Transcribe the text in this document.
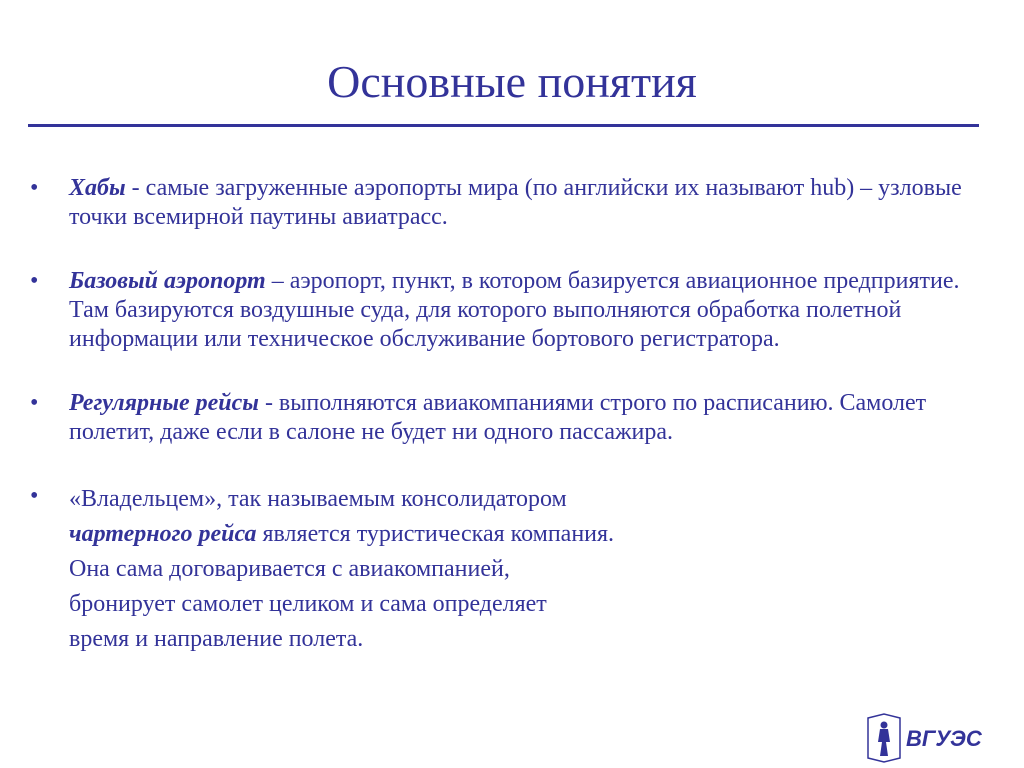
Основные понятия
• Хабы - самые загруженные аэропорты мира (по английски их называют hub) – узловые точки всемирной паутины авиатрасс.
• Базовый аэропорт – аэропорт, пункт, в котором базируется авиационное предприятие. Там базируются воздушные суда, для которого выполняются обработка полетной информации или техническое обслуживание бортового регистратора.
• Регулярные рейсы - выполняются авиакомпаниями строго по расписанию. Самолет полетит, даже если в салоне не будет ни одного пассажира.
• «Владельцем», так называемым консолидатором
чартерного рейса является туристическая компания.
Она сама договаривается с авиакомпанией,
бронирует самолет целиком и сама определяет
время и направление полета.
ВГУЭС
